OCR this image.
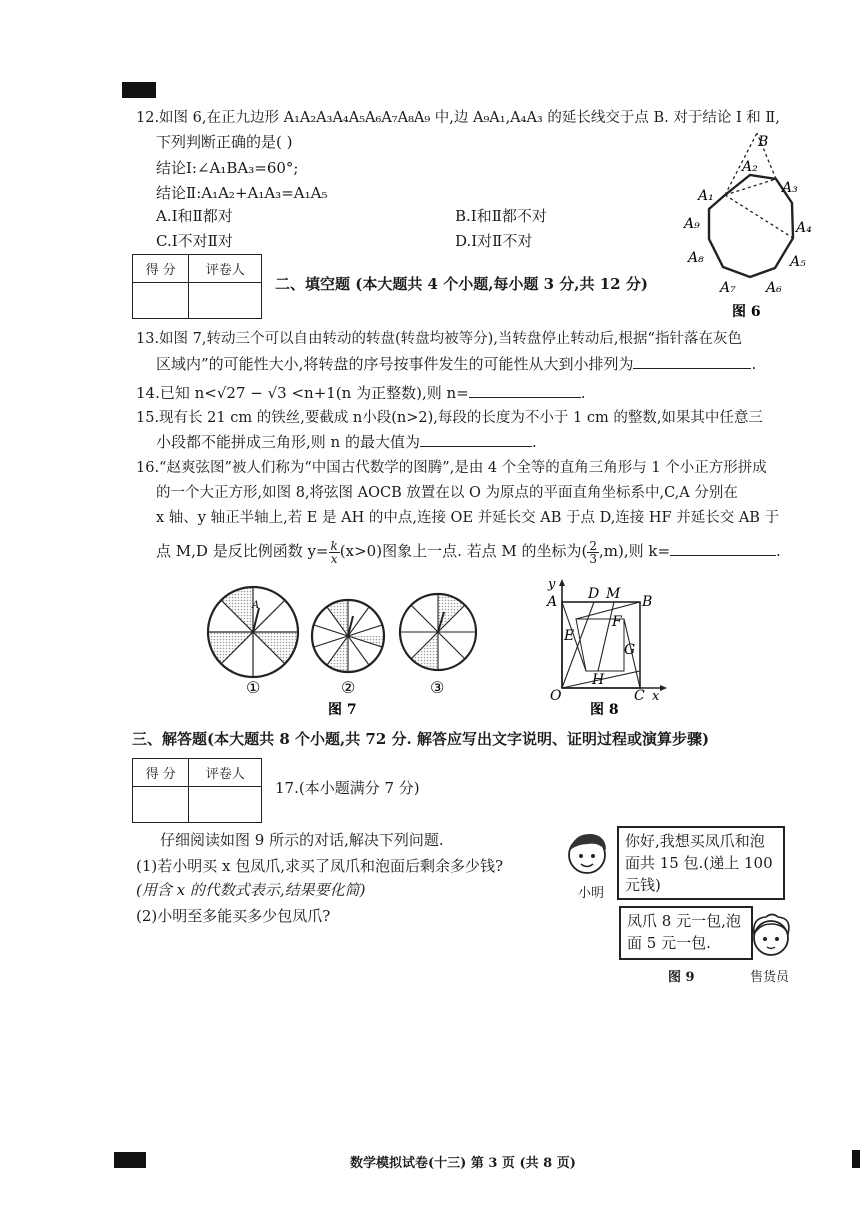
12.如图 6,在正九边形 A₁A₂A₃A₄A₅A₆A₇A₈A₉ 中,边 A₉A₁,A₄A₃ 的延长线交于点 B. 对于结论 Ⅰ 和 Ⅱ,
下列判断正确的是( )
结论Ⅰ:∠A₁BA₃=60°;
结论Ⅱ:A₁A₂+A₁A₃=A₁A₅
A.Ⅰ和Ⅱ都对	B.Ⅰ和Ⅱ都不对
C.Ⅰ不对Ⅱ对	D.Ⅰ对Ⅱ不对
B
A₁
A₂
A₃
A₄
A₅
A₆
A₇
A₈
A₉
图 6
得 分	评卷人

二、填空题 (本大题共 4 个小题,每小题 3 分,共 12 分)
13.如图 7,转动三个可以自由转动的转盘(转盘均被等分),当转盘停止转动后,根据“指针落在灰色
区域内”的可能性大小,将转盘的序号按事件发生的可能性从大到小排列为	.
14.已知 n<√27 − √3 <n+1(n 为正整数),则 n=	.
15.现有长 21 cm 的铁丝,要截成 n小段(n>2),每段的长度为不小于 1 cm 的整数,如果其中任意三
小段都不能拼成三角形,则 n 的最大值为	.
16.“赵爽弦图”被人们称为“中国古代数学的图腾”,是由 4 个全等的直角三角形与 1 个小正方形拼成
的一个大正方形,如图 8,将弦图 AOCB 放置在以 O 为原点的平面直角坐标系中,C,A 分别在
x 轴、y 轴正半轴上,若 E 是 AH 的中点,连接 OE 并延长交 AB 于点 D,连接 HF 并延长交 AB 于
点 M,D 是反比例函数 $y= \frac{k}{x} (x>0)$图象上一点. 若点 M 的坐标为( $\frac{2}{3} ,m$),则 k=	.
A
①	②	③
图 7
y
A D M B
E
F
G
H
O	C x
图 8
三、解答题(本大题共 8 个小题,共 72 分. 解答应写出文字说明、证明过程或演算步骤)
得 分	评卷人

17.(本小题满分 7 分)
仔细阅读如图 9 所示的对话,解决下列问题.
(1)若小明买 x 包凤爪,求买了凤爪和泡面后剩余多少钱?
(用含 x 的代数式表示,结果要化简)
(2)小明至多能买多少包凤爪?
小明
你好,我想买凤爪和泡面共 15 包.(递上 100 元钱)
凤爪 8 元一包,泡面 5 元一包.
图 9	售货员
数学模拟试卷(十三) 第 3 页 (共 8 页)
